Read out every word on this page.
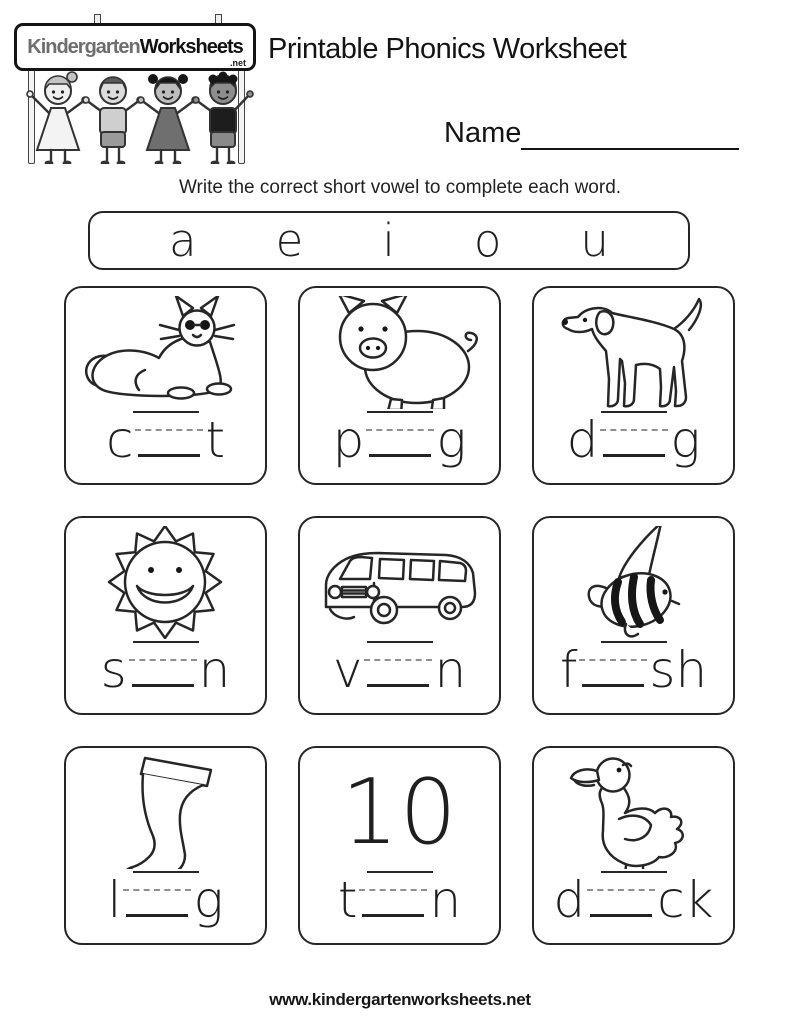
KindergartenWorksheets
.net Printable Phonics Worksheet
Name
Write the correct short vowel to complete each word.
a e i o u
c t p g d g
s n v n f sh
l g
10
t n d ck
www.kindergartenworksheets.net
